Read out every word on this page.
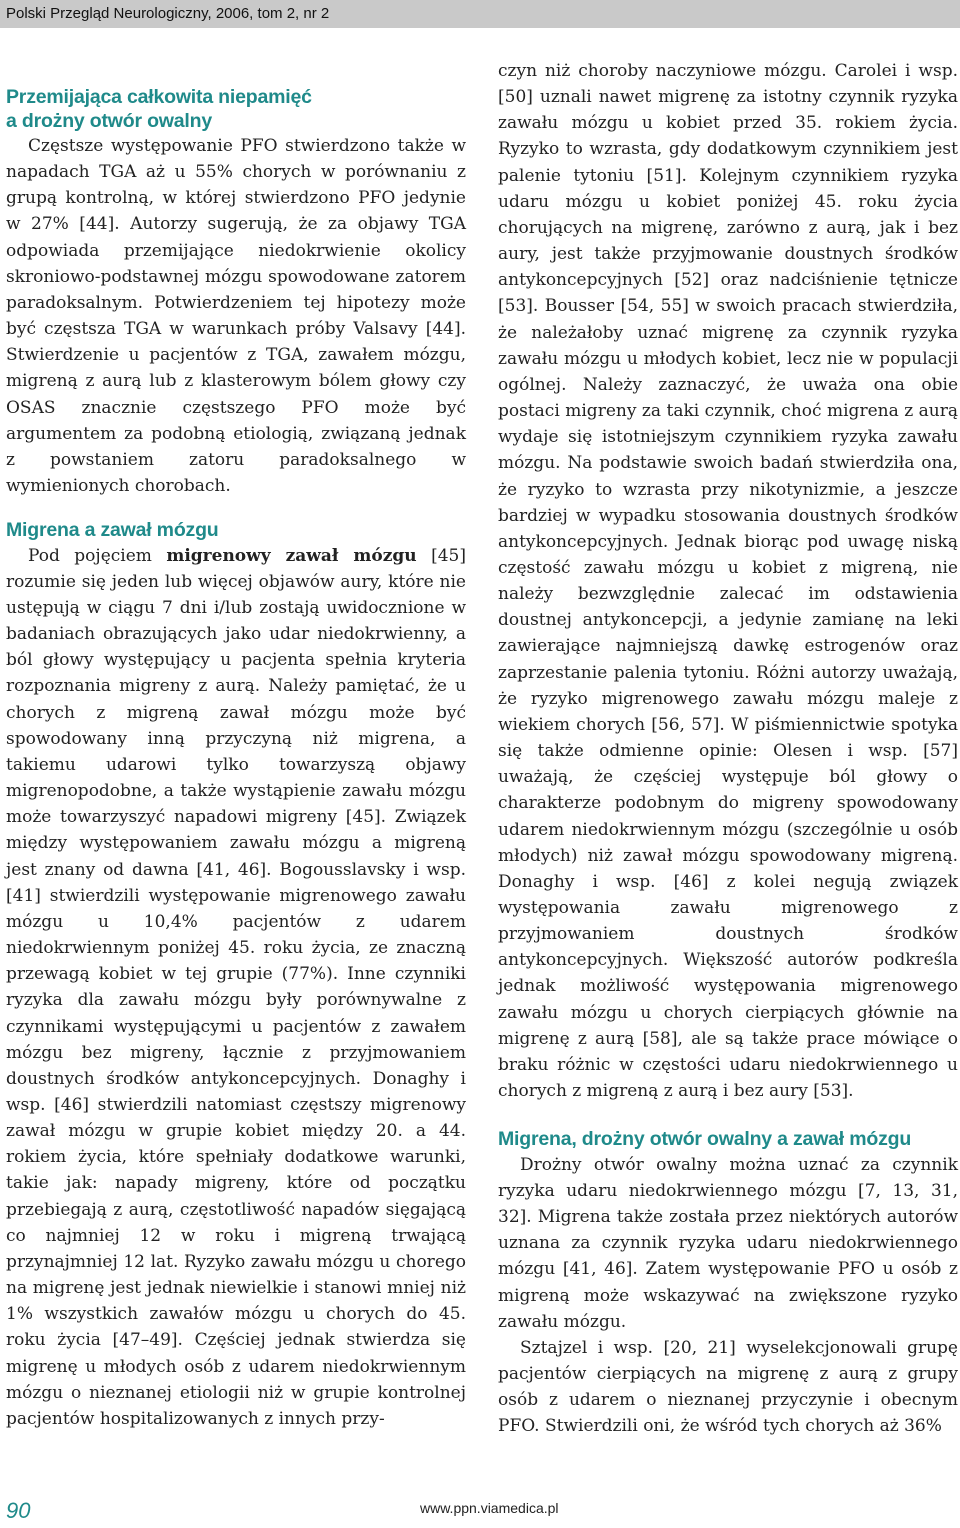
Polski Przegląd Neurologiczny, 2006, tom 2, nr 2
Przemijająca całkowita niepamięć
a drożny otwór owalny

Częstsze występowanie PFO stwierdzono także w napadach TGA aż u 55% chorych w porównaniu z grupą kontrolną, w której stwierdzono PFO jedynie w 27% [44]. Autorzy sugerują, że za objawy TGA odpowiada przemijające niedokrwienie okolicy skroniowo-podstawnej mózgu spowodowane zatorem paradoksalnym. Potwierdzeniem tej hipotezy może być częstsza TGA w warunkach próby Valsavy [44]. Stwierdzenie u pacjentów z TGA, zawałem mózgu, migreną z aurą lub z klasterowym bólem głowy czy OSAS znacznie częstszego PFO może być argumentem za podobną etiologią, związaną jednak z powstaniem zatoru paradoksalnego w wymienionych chorobach.

Migrena a zawał mózgu

Pod pojęciem migrenowy zawał mózgu [45] rozumie się jeden lub więcej objawów aury, które nie ustępują w ciągu 7 dni i/lub zostają uwidocznione w badaniach obrazujących jako udar niedokrwienny, a ból głowy występujący u pacjenta spełnia kryteria rozpoznania migreny z aurą. Należy pamiętać, że u chorych z migreną zawał mózgu może być spowodowany inną przyczyną niż migrena, a takiemu udarowi tylko towarzyszą objawy migrenopodobne, a także wystąpienie zawału mózgu może towarzyszyć napadowi migreny [45]. Związek między występowaniem zawału mózgu a migreną jest znany od dawna [41, 46]. Bogousslavsky i wsp. [41] stwierdzili występowanie migrenowego zawału mózgu u 10,4% pacjentów z udarem niedokrwiennym poniżej 45. roku życia, ze znaczną przewagą kobiet w tej grupie (77%). Inne czynniki ryzyka dla zawału mózgu były porównywalne z czynnikami występującymi u pacjentów z zawałem mózgu bez migreny, łącznie z przyjmowaniem doustnych środków antykoncepcyjnych. Donaghy i wsp. [46] stwierdzili natomiast częstszy migrenowy zawał mózgu w grupie kobiet między 20. a 44. rokiem życia, które spełniały dodatkowe warunki, takie jak: napady migreny, które od początku przebiegają z aurą, częstotliwość napadów sięgającą co najmniej 12 w roku i migreną trwającą przynajmniej 12 lat. Ryzyko zawału mózgu u chorego na migrenę jest jednak niewielkie i stanowi mniej niż 1% wszystkich zawałów mózgu u chorych do 45. roku życia [47–49]. Częściej jednak stwierdza się migrenę u młodych osób z udarem niedokrwiennym mózgu o nieznanej etiologii niż w grupie kontrolnej pacjentów hospitalizowanych z innych przy-

czyn niż choroby naczyniowe mózgu. Carolei i wsp. [50] uznali nawet migrenę za istotny czynnik ryzyka zawału mózgu u kobiet przed 35. rokiem życia. Ryzyko to wzrasta, gdy dodatkowym czynnikiem jest palenie tytoniu [51]. Kolejnym czynnikiem ryzyka udaru mózgu u kobiet poniżej 45. roku życia chorujących na migrenę, zarówno z aurą, jak i bez aury, jest także przyjmowanie doustnych środków antykoncepcyjnych [52] oraz nadciśnienie tętnicze [53]. Bousser [54, 55] w swoich pracach stwierdziła, że należałoby uznać migrenę za czynnik ryzyka zawału mózgu u młodych kobiet, lecz nie w populacji ogólnej. Należy zaznaczyć, że uważa ona obie postaci migreny za taki czynnik, choć migrena z aurą wydaje się istotniejszym czynnikiem ryzyka zawału mózgu. Na podstawie swoich badań stwierdziła ona, że ryzyko to wzrasta przy nikotynizmie, a jeszcze bardziej w wypadku stosowania doustnych środków antykoncepcyjnych. Jednak biorąc pod uwagę niską częstość zawału mózgu u kobiet z migreną, nie należy bezwzględnie zalecać im odstawienia doustnej antykoncepcji, a jedynie zamianę na leki zawierające najmniejszą dawkę estrogenów oraz zaprzestanie palenia tytoniu. Różni autorzy uważają, że ryzyko migrenowego zawału mózgu maleje z wiekiem chorych [56, 57]. W piśmiennictwie spotyka się także odmienne opinie: Olesen i wsp. [57] uważają, że częściej występuje ból głowy o charakterze podobnym do migreny spowodowany udarem niedokrwiennym mózgu (szczególnie u osób młodych) niż zawał mózgu spowodowany migreną. Donaghy i wsp. [46] z kolei negują związek występowania zawału migrenowego z przyjmowaniem doustnych środków antykoncepcyjnych. Większość autorów podkreśla jednak możliwość występowania migrenowego zawału mózgu u chorych cierpiących głównie na migrenę z aurą [58], ale są także prace mówiące o braku różnic w częstości udaru niedokrwiennego u chorych z migreną z aurą i bez aury [53].

Migrena, drożny otwór owalny a zawał mózgu

Drożny otwór owalny można uznać za czynnik ryzyka udaru niedokrwiennego mózgu [7, 13, 31, 32]. Migrena także została przez niektórych autorów uznana za czynnik ryzyka udaru niedokrwiennego mózgu [41, 46]. Zatem występowanie PFO u osób z migreną może wskazywać na zwiększone ryzyko zawału mózgu.

Sztajzel i wsp. [20, 21] wyselekcjonowali grupę pacjentów cierpiących na migrenę z aurą z grupy osób z udarem o nieznanej przyczynie i obecnym PFO. Stwierdzili oni, że wśród tych chorych aż 36%

90	www.ppn.viamedica.pl
